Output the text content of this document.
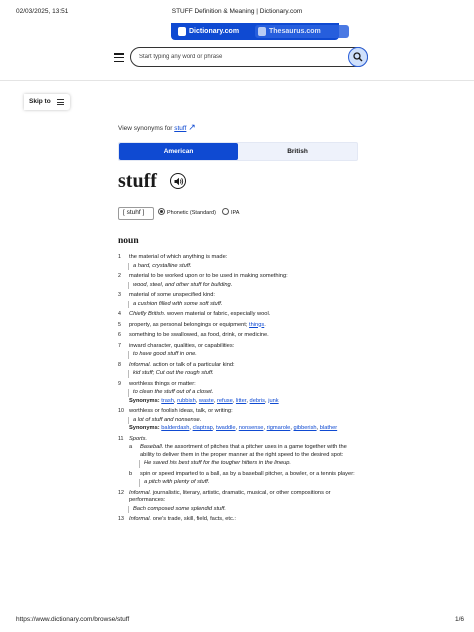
02/03/2025, 13:51	STUFF Definition & Meaning | Dictionary.com
Dictionary.com	Thesaurus.com
Start typing any word or phrase
Skip to
View synonyms for stuff ↗
American	British
stuff
[ stuhf ]	Phonetic (Standard)	IPA
noun
1 the material of which anything is made:
a hard, crystalline stuff.
2 material to be worked upon or to be used in making something:
wood, steel, and other stuff for building.
3 material of some unspecified kind:
a cushion filled with some soft stuff.
4 Chiefly British. woven material or fabric, especially wool.
5 property, as personal belongings or equipment; things.
6 something to be swallowed, as food, drink, or medicine.
7 inward character, qualities, or capabilities:
to have good stuff in one.
8 Informal. action or talk of a particular kind:
kid stuff; Cut out the rough stuff.
9 worthless things or matter:
to clean the stuff out of a closet.
Synonyms: trash, rubbish, waste, refuse, litter, debris, junk
10 worthless or foolish ideas, talk, or writing:
a lot of stuff and nonsense.
Synonyms: balderdash, claptrap, twaddle, nonsense, rigmarole, gibberish, blather
11 Sports.
a Baseball. the assortment of pitches that a pitcher uses in a game together with the ability to deliver them in the proper manner at the right speed to the desired spot:
He saved his best stuff for the tougher hitters in the lineup.
b spin or speed imparted to a ball, as by a baseball pitcher, a bowler, or a tennis player:
a pitch with plenty of stuff.
12 Informal. journalistic, literary, artistic, dramatic, musical, or other compositions or performances:
Bach composed some splendid stuff.
13 Informal. one's trade, skill, field, facts, etc.:
https://www.dictionary.com/browse/stuff	1/6
